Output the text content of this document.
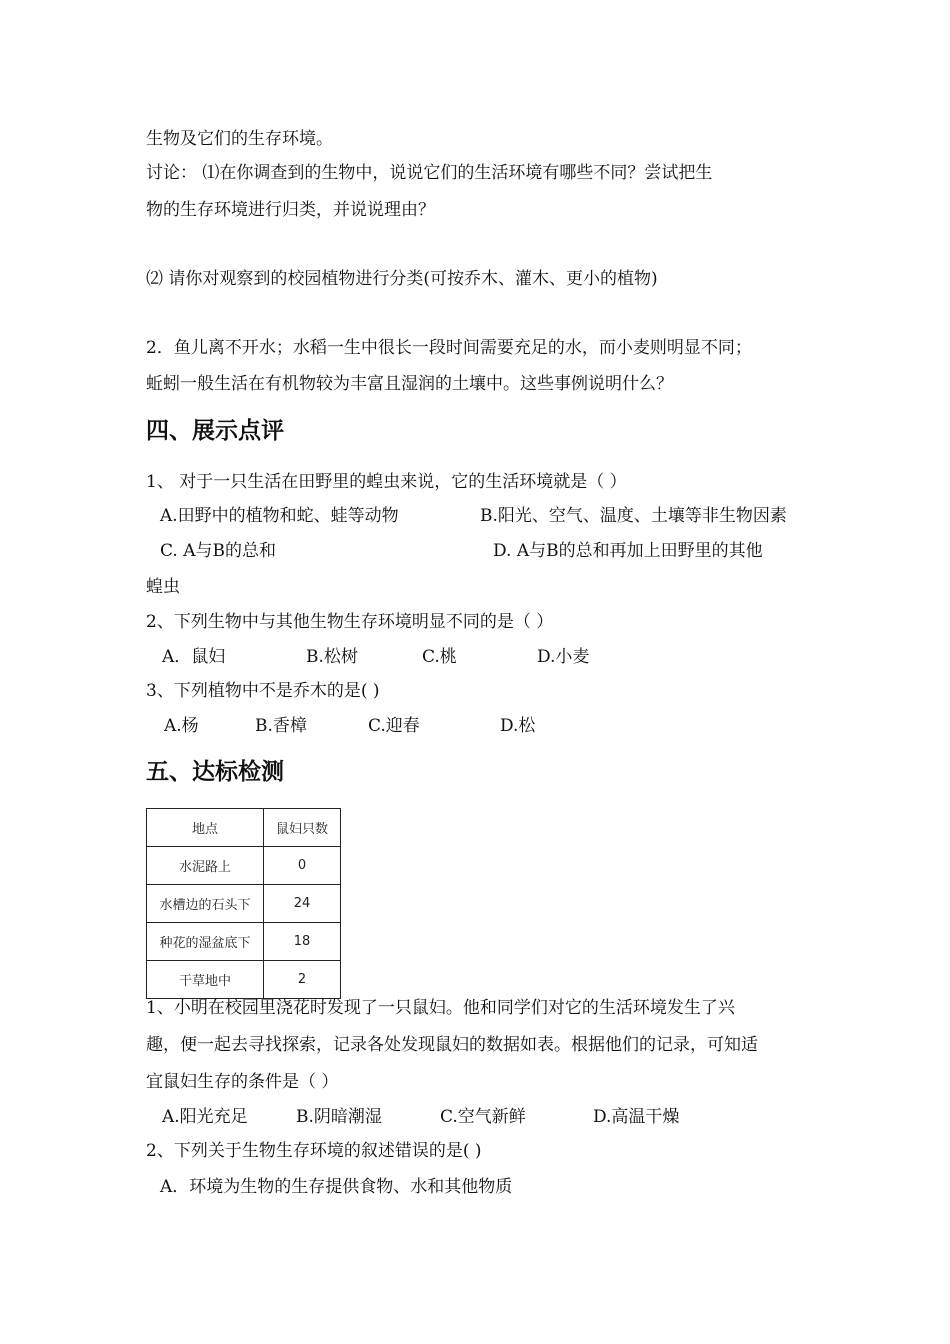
生物及它们的生存环境。
讨论： ⑴在你调查到的生物中，说说它们的生活环境有哪些不同？尝试把生
物的生存环境进行归类，并说说理由？
⑵ 请你对观察到的校园植物进行分类(可按乔木、灌木、更小的植物)
2．鱼儿离不开水；水稻一生中很长一段时间需要充足的水，而小麦则明显不同；
蚯蚓一般生活在有机物较为丰富且湿润的土壤中。这些事例说明什么？
四、展示点评
1、 对于一只生活在田野里的蝗虫来说，它的生活环境就是（ ）
A.田野中的植物和蛇、蛙等动物	B.阳光、空气、温度、土壤等非生物因素
C. A与B的总和	D. A与B的总和再加上田野里的其他
蝗虫
2、下列生物中与其他生物生存环境明显不同的是（ ）
A．鼠妇	B.松树	C.桃	D.小麦
3、下列植物中不是乔木的是( )
A.杨	B.香樟	C.迎春	D.松
五、达标检测
地点	鼠妇只数
水泥路上	0
水槽边的石头下	24
种花的湿盆底下	18
干草地中	2
1、小明在校园里浇花时发现了一只鼠妇。他和同学们对它的生活环境发生了兴
趣，便一起去寻找探索，记录各处发现鼠妇的数据如表。根据他们的记录，可知适
宜鼠妇生存的条件是（ ）
A.阳光充足	B.阴暗潮湿	C.空气新鲜	D.高温干燥
2、下列关于生物生存环境的叙述错误的是( )
A．环境为生物的生存提供食物、水和其他物质
